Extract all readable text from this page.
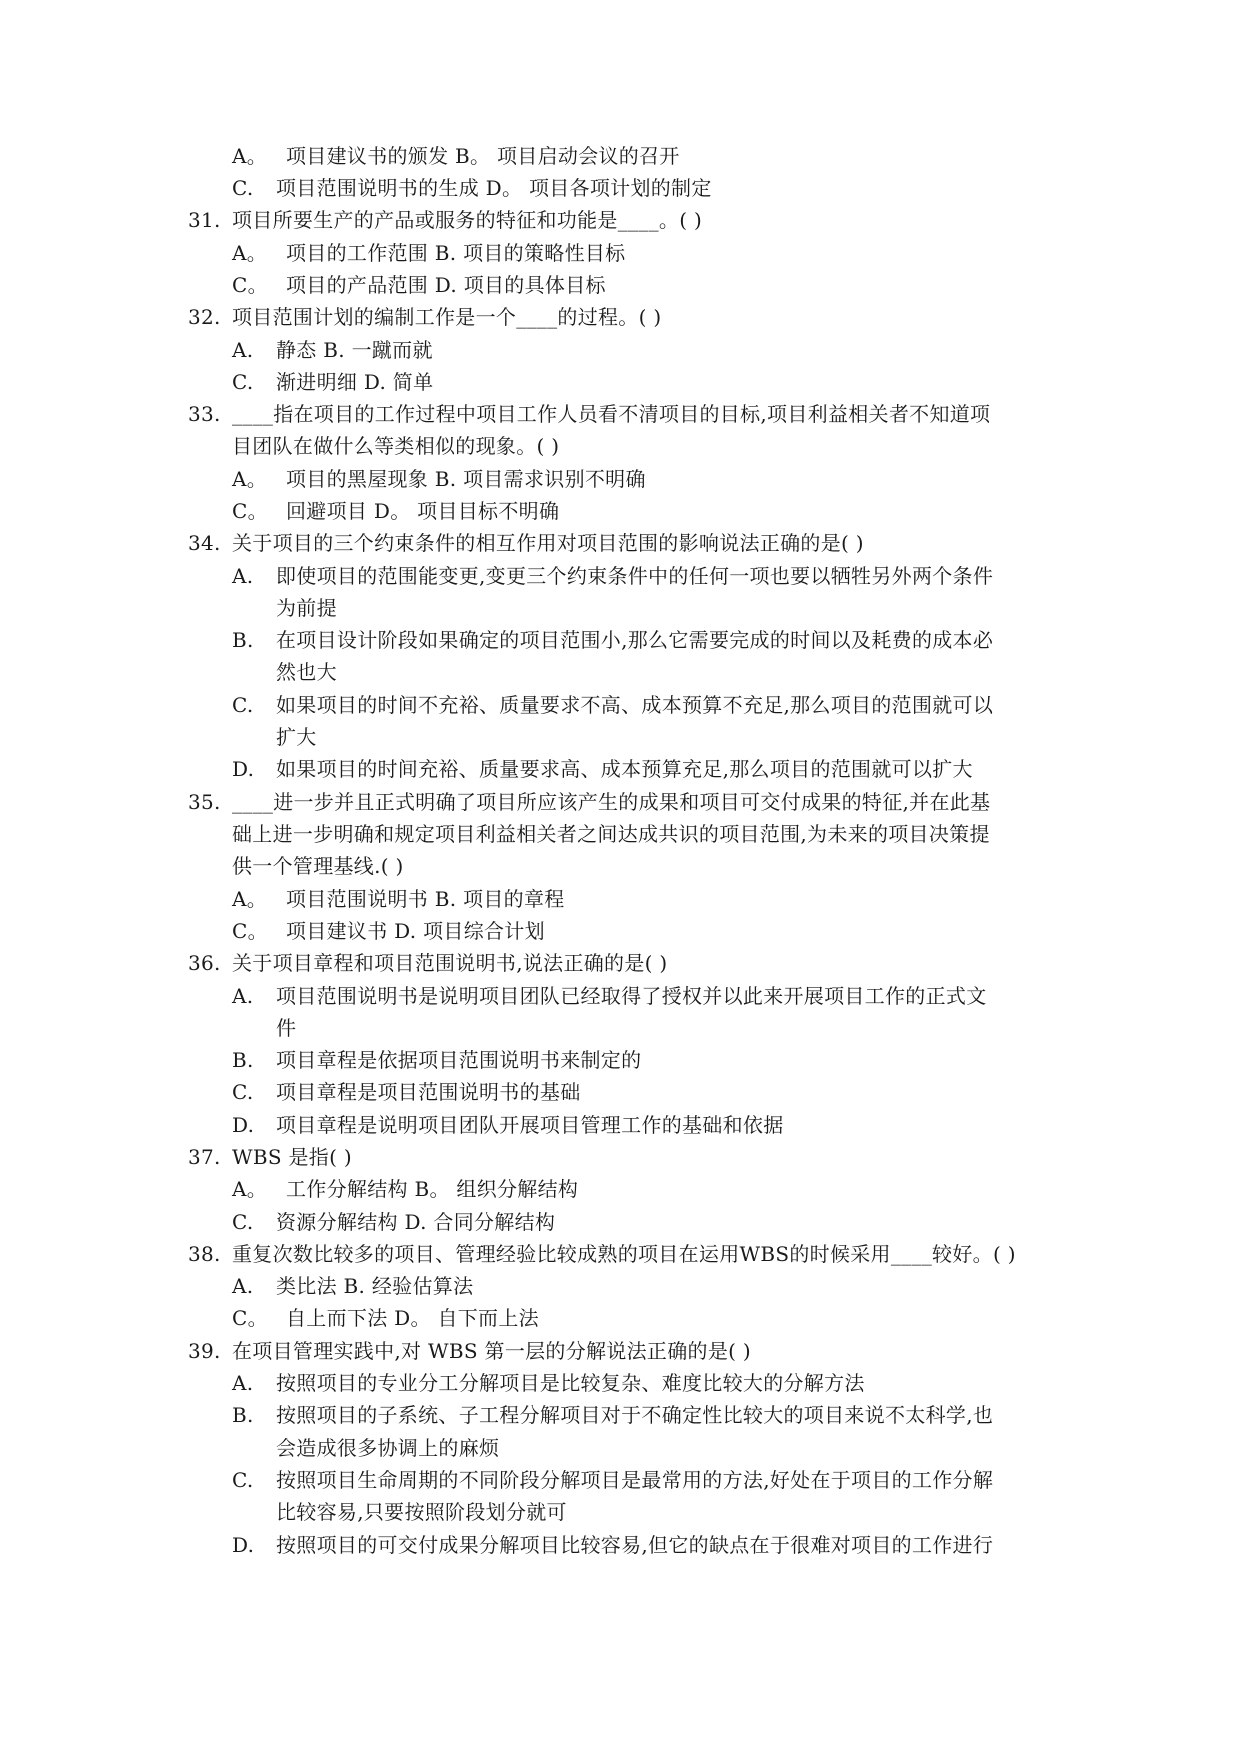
A。 项目建议书的颁发 B。 项目启动会议的召开
C. 项目范围说明书的生成 D。 项目各项计划的制定
31. 项目所要生产的产品或服务的特征和功能是____。( )
A。 项目的工作范围 B. 项目的策略性目标
C。 项目的产品范围 D. 项目的具体目标
32. 项目范围计划的编制工作是一个____的过程。( )
A. 静态 B. 一蹴而就
C. 渐进明细 D. 简单
33. ____指在项目的工作过程中项目工作人员看不清项目的目标,项目利益相关者不知道项
目团队在做什么等类相似的现象。( )
A。 项目的黑屋现象 B. 项目需求识别不明确
C。 回避项目 D。 项目目标不明确
34. 关于项目的三个约束条件的相互作用对项目范围的影响说法正确的是( )
A. 即使项目的范围能变更,变更三个约束条件中的任何一项也要以牺牲另外两个条件
为前提
B. 在项目设计阶段如果确定的项目范围小,那么它需要完成的时间以及耗费的成本必
然也大
C. 如果项目的时间不充裕、质量要求不高、成本预算不充足,那么项目的范围就可以
扩大
D. 如果项目的时间充裕、质量要求高、成本预算充足,那么项目的范围就可以扩大
35. ____进一步并且正式明确了项目所应该产生的成果和项目可交付成果的特征,并在此基
础上进一步明确和规定项目利益相关者之间达成共识的项目范围,为未来的项目决策提
供一个管理基线.( )
A。 项目范围说明书 B. 项目的章程
C。 项目建议书 D. 项目综合计划
36. 关于项目章程和项目范围说明书,说法正确的是( )
A. 项目范围说明书是说明项目团队已经取得了授权并以此来开展项目工作的正式文
件
B. 项目章程是依据项目范围说明书来制定的
C. 项目章程是项目范围说明书的基础
D. 项目章程是说明项目团队开展项目管理工作的基础和依据
37. WBS 是指( )
A。 工作分解结构 B。 组织分解结构
C. 资源分解结构 D. 合同分解结构
38. 重复次数比较多的项目、管理经验比较成熟的项目在运用WBS的时候采用____较好。( )
A. 类比法 B. 经验估算法
C。 自上而下法 D。 自下而上法
39. 在项目管理实践中,对 WBS 第一层的分解说法正确的是( )
A. 按照项目的专业分工分解项目是比较复杂、难度比较大的分解方法
B. 按照项目的子系统、子工程分解项目对于不确定性比较大的项目来说不太科学,也
会造成很多协调上的麻烦
C. 按照项目生命周期的不同阶段分解项目是最常用的方法,好处在于项目的工作分解
比较容易,只要按照阶段划分就可
D. 按照项目的可交付成果分解项目比较容易,但它的缺点在于很难对项目的工作进行
